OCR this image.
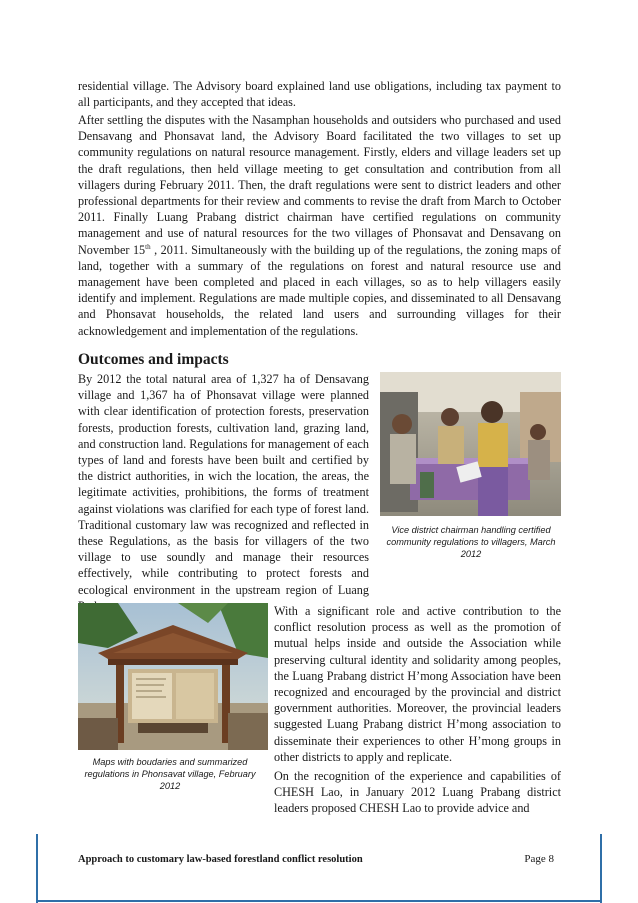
residential village. The Advisory board explained land use obligations, including tax payment to all participants, and they accepted that ideas.

After settling the disputes with the Nasamphan households and outsiders who purchased and used Densavang and Phonsavat land, the Advisory Board facilitated the two villages to set up community regulations on natural resource management. Firstly, elders and village leaders set up the draft regulations, then held village meeting to get consultation and contribution from all villagers during February 2011. Then, the draft regulations were sent to district leaders and other professional departments for their review and comments to revise the draft from March to October 2011. Finally Luang Prabang district chairman have certified regulations on community management and use of natural resources for the two villages of Phonsavat and Densavang on November 15th , 2011. Simultaneously with the building up of the regulations, the zoning maps of land, together with a summary of the regulations on forest and natural resource use and management have been completed and placed in each villages, so as to help villagers easily identify and implement. Regulations are made multiple copies, and disseminated to all Densavang and Phonsavat households, the related land users and surrounding villages for their acknowledgement and implementation of the regulations.

Outcomes and impacts

By 2012 the total natural area of 1,327 ha of Densavang village and 1,367 ha of Phonsavat village were planned with clear identification of protection forests, preservation forests, production forests, cultivation land, grazing land, and construction land. Regulations for management of each types of land and forests have been built and certified by the district authorities, in wich the location, the areas, the legitimate activities, prohibitions, the forms of treatment against violations was clarified for each type of forest land. Traditional customary law was recognized and reflected in these Regulations, as the basis for villagers of the two village to use soundly and manage their resources effectively, while contributing to protect forests and ecological environment in the upstream region of Luang

Vice district chairman handling certified community regulations to villagers, March 2012

Maps with boudaries and summarized regulations in Phonsavat village, February 2012

With a significant role and active contribution to the conflict resolution process as well as the promotion of mutual helps inside and outside the Association while preserving cultural identity and solidarity among peoples, the Luang Prabang district H’mong Association have been recognized and encouraged by the provincial and district government authorities. Moreover, the provincial leaders suggested Luang Prabang district H’mong association to disseminate their experiences to other H’mong groups in other districts to apply and replicate.

On the recognition of the experience and capabilities of CHESH Lao, in January 2012 Luang Prabang district leaders proposed CHESH Lao to provide advice and

Approach to customary law-based forestland conflict resolution	Page 8
